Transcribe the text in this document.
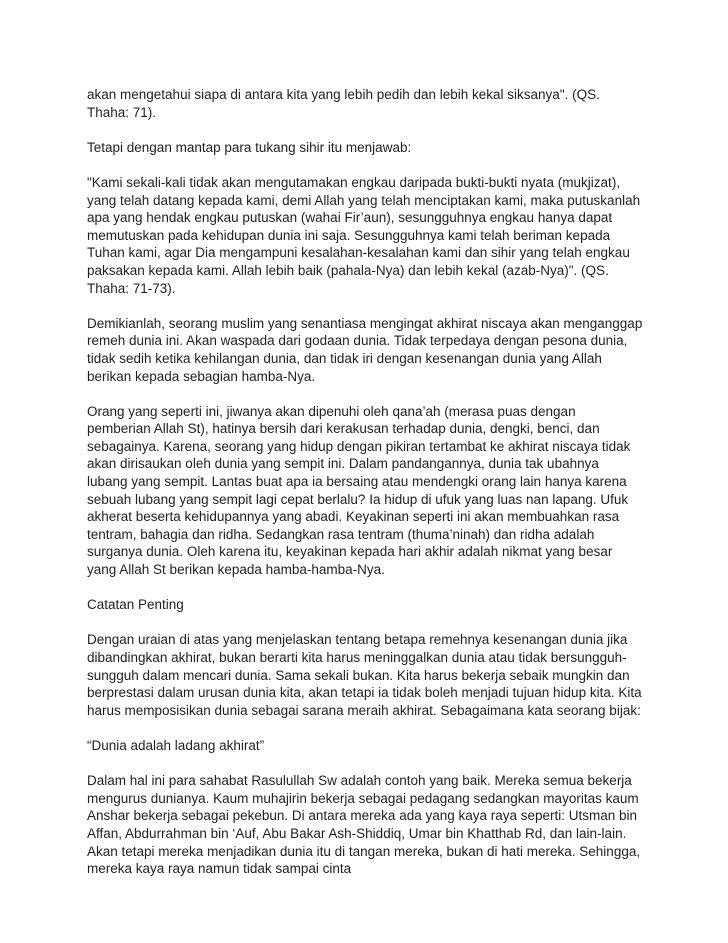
akan mengetahui siapa di antara kita yang lebih pedih dan lebih kekal siksanya". (QS. Thaha: 71).

Tetapi dengan mantap para tukang sihir itu menjawab:

"Kami sekali-kali tidak akan mengutamakan engkau daripada bukti-bukti nyata (mukjizat), yang telah datang kepada kami, demi Allah yang telah menciptakan kami, maka putuskanlah apa yang hendak engkau putuskan (wahai Fir’aun), sesungguhnya engkau hanya dapat memutuskan pada kehidupan dunia ini saja. Sesungguhnya kami telah beriman kepada Tuhan kami, agar Dia mengampuni kesalahan-kesalahan kami dan sihir yang telah engkau paksakan kepada kami. Allah lebih baik (pahala-Nya) dan lebih kekal (azab-Nya)". (QS. Thaha: 71-73).

Demikianlah, seorang muslim yang senantiasa mengingat akhirat niscaya akan menganggap remeh dunia ini. Akan waspada dari godaan dunia. Tidak terpedaya dengan pesona dunia, tidak sedih ketika kehilangan dunia, dan tidak iri dengan kesenangan dunia yang Allah berikan kepada sebagian hamba-Nya.

Orang yang seperti ini, jiwanya akan dipenuhi oleh qana’ah (merasa puas dengan pemberian Allah St), hatinya bersih dari kerakusan terhadap dunia, dengki, benci, dan sebagainya. Karena, seorang yang hidup dengan pikiran tertambat ke akhirat niscaya tidak akan dirisaukan oleh dunia yang sempit ini. Dalam pandangannya, dunia tak ubahnya lubang yang sempit. Lantas buat apa ia bersaing atau mendengki orang lain hanya karena sebuah lubang yang sempit lagi cepat berlalu? Ia hidup di ufuk yang luas nan lapang. Ufuk akherat beserta kehidupannya yang abadi. Keyakinan seperti ini akan membuahkan rasa tentram, bahagia dan ridha. Sedangkan rasa tentram (thuma’ninah) dan ridha adalah surganya dunia. Oleh karena itu, keyakinan kepada hari akhir adalah nikmat yang besar yang Allah St berikan kepada hamba-hamba-Nya.

Catatan Penting

Dengan uraian di atas yang menjelaskan tentang betapa remehnya kesenangan dunia jika dibandingkan akhirat, bukan berarti kita harus meninggalkan dunia atau tidak bersungguh-sungguh dalam mencari dunia. Sama sekali bukan. Kita harus bekerja sebaik mungkin dan berprestasi dalam urusan dunia kita, akan tetapi ia tidak boleh menjadi tujuan hidup kita. Kita harus memposisikan dunia sebagai sarana meraih akhirat. Sebagaimana kata seorang bijak:

“Dunia adalah ladang akhirat”

Dalam hal ini para sahabat Rasulullah Sw adalah contoh yang baik. Mereka semua bekerja mengurus dunianya. Kaum muhajirin bekerja sebagai pedagang sedangkan mayoritas kaum Anshar bekerja sebagai pekebun. Di antara mereka ada yang kaya raya seperti: Utsman bin Affan, Abdurrahman bin ‘Auf, Abu Bakar Ash-Shiddiq, Umar bin Khatthab Rd, dan lain-lain. Akan tetapi mereka menjadikan dunia itu di tangan mereka, bukan di hati mereka. Sehingga, mereka kaya raya namun tidak sampai cinta
